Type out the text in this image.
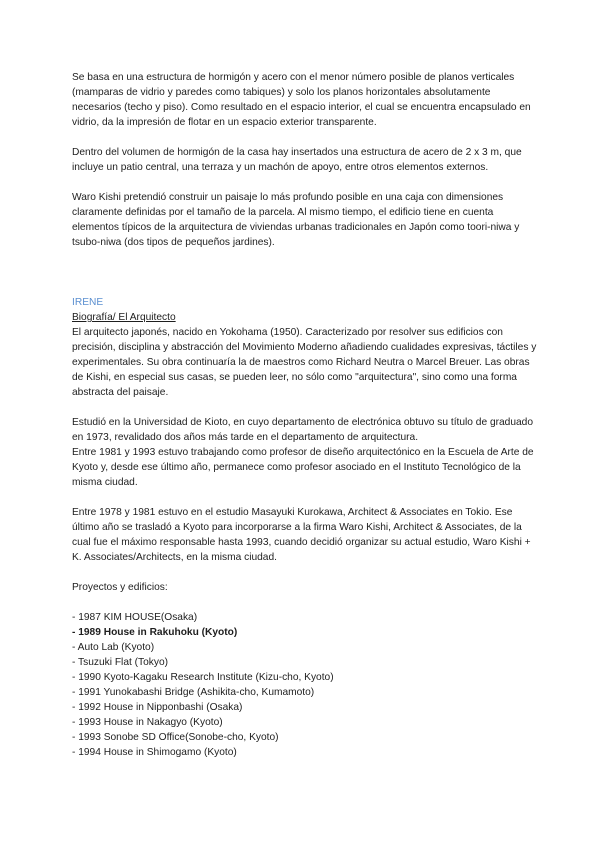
Se basa en una estructura de hormigón y acero con el menor número posible de planos verticales (mamparas de vidrio y paredes como tabiques) y solo los planos horizontales absolutamente necesarios (techo y piso). Como resultado en el espacio interior, el cual se encuentra encapsulado en vidrio, da la impresión de flotar en un espacio exterior transparente.

Dentro del volumen de hormigón de la casa hay insertados una estructura de acero de 2 x 3 m, que incluye un patio central, una terraza y un machón de apoyo, entre otros elementos externos.

Waro Kishi pretendió construir un paisaje lo más profundo posible en una caja con dimensiones claramente definidas por el tamaño de la parcela. Al mismo tiempo, el edificio tiene en cuenta elementos típicos de la arquitectura de viviendas urbanas tradicionales en Japón como toori-niwa y tsubo-niwa (dos tipos de pequeños jardines).

IRENE
Biografía/ El Arquitecto

El arquitecto japonés, nacido en Yokohama (1950). Caracterizado por resolver sus edificios con precisión, disciplina y abstracción del Movimiento Moderno añadiendo cualidades expresivas, táctiles y experimentales. Su obra continuaría la de maestros como Richard Neutra o Marcel Breuer. Las obras de Kishi, en especial sus casas, se pueden leer, no sólo como "arquitectura", sino como una forma abstracta del paisaje.

Estudió en la Universidad de Kioto, en cuyo departamento de electrónica obtuvo su título de graduado en 1973, revalidado dos años más tarde en el departamento de arquitectura.

Entre 1981 y 1993 estuvo trabajando como profesor de diseño arquitectónico en la Escuela de Arte de Kyoto y, desde ese último año, permanece como profesor asociado en el Instituto Tecnológico de la misma ciudad.

Entre 1978 y 1981 estuvo en el estudio Masayuki Kurokawa, Architect & Associates en Tokio. Ese último año se trasladó a Kyoto para incorporarse a la firma Waro Kishi, Architect & Associates, de la cual fue el máximo responsable hasta 1993, cuando decidió organizar su actual estudio, Waro Kishi + K. Associates/Architects, en la misma ciudad.

Proyectos y edificios:

- 1987 KIM HOUSE(Osaka)
- 1989 House in Rakuhoku (Kyoto)
- Auto Lab (Kyoto)
- Tsuzuki Flat (Tokyo)
- 1990 Kyoto-Kagaku Research Institute (Kizu-cho, Kyoto)
- 1991 Yunokabashi Bridge (Ashikita-cho, Kumamoto)
- 1992 House in Nipponbashi (Osaka)
- 1993 House in Nakagyo (Kyoto)
- 1993 Sonobe SD Office(Sonobe-cho, Kyoto)
- 1994 House in Shimogamo (Kyoto)
